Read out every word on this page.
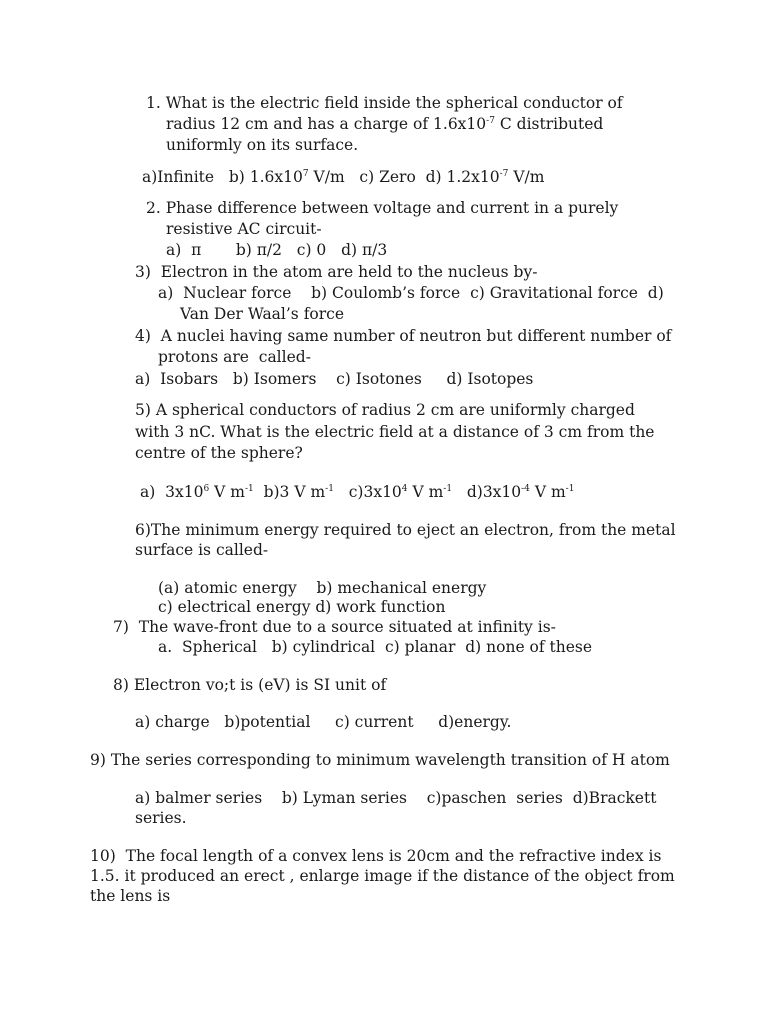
1. What is the electric field inside the spherical conductor of
radius 12 cm and has a charge of $1.6x10^{-7}$ C distributed
uniformly on its surface.
a)Infinite   b) $1.6x10^7$ V/m   c) Zero  d) $1.2x10^{-7}$ V/m
2. Phase difference between voltage and current in a purely
resistive AC circuit-
a)  π       b) π/2   c) 0   d) π/3
3)  Electron in the atom are held to the nucleus by-
a)  Nuclear force    b) Coulomb’s force  c) Gravitational force  d)
Van Der Waal’s force
4)  A nuclei having same number of neutron but different number of
protons are  called-
a)  Isobars   b) Isomers    c) Isotones     d) Isotopes
5) A spherical conductors of radius 2 cm are uniformly charged
with 3 nC. What is the electric field at a distance of 3 cm from the
centre of the sphere?
a)  $3x10^6$ V $m^{-1}$  b)3 V $m^{-1}$   $c)3x10^4$ V $m^{-1}$   $d)3x10^{-4}$ V $m^{-1}$
6)The minimum energy required to eject an electron, from the metal
surface is called-
(a) atomic energy    b) mechanical energy
c) electrical energy d) work function
7)  The wave-front due to a source situated at infinity is-
a.  Spherical   b) cylindrical  c) planar  d) none of these
8) Electron vo;t is (eV) is SI unit of
a) charge   b)potential     c) current     d)energy.
9) The series corresponding to minimum wavelength transition of H atom
a) balmer series    b) Lyman series    c)paschen  series  d)Brackett
series.
10)  The focal length of a convex lens is 20cm and the refractive index is
1.5. it produced an erect , enlarge image if the distance of the object from
the lens is
